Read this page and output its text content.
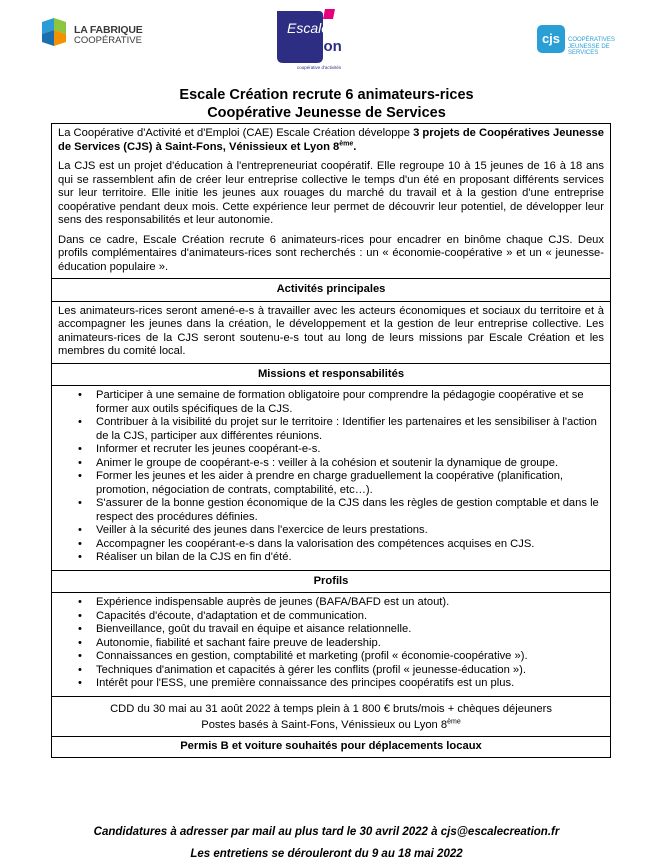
LA FABRIQUE
COOPÉRATIVE
Escale
Création
coopérative d'activités
cjs	COOPÉRATIVES
JEUNESSE DE
SERVICES
Escale Création recrute 6 animateurs-rices
Coopérative Jeunesse de Services

La Coopérative d'Activité et d'Emploi (CAE) Escale Création développe 3 projets de Coopératives Jeunesse de Services (CJS) à Saint-Fons, Vénissieux et Lyon 8ème.

La CJS est un projet d'éducation à l'entrepreneuriat coopératif. Elle regroupe 10 à 15 jeunes de 16 à 18 ans qui se rassemblent afin de créer leur entreprise collective le temps d'un été en proposant différents services sur leur territoire. Elle initie les jeunes aux rouages du marché du travail et à la gestion d'une entreprise coopérative pendant deux mois. Cette expérience leur permet de découvrir leur potentiel, de développer leur sens des responsabilités et leur autonomie.

Dans ce cadre, Escale Création recrute 6 animateurs-rices pour encadrer en binôme chaque CJS. Deux profils complémentaires d'animateurs-rices sont recherchés : un « économie-coopérative » et un « jeunesse-éducation populaire ».

Activités principales

Les animateurs-rices seront amené-e-s à travailler avec les acteurs économiques et sociaux du territoire et à accompagner les jeunes dans la création, le développement et la gestion de leur entreprise collective. Les animateurs-rices de la CJS seront soutenu-e-s tout au long de leurs missions par Escale Création et les membres du comité local.

Missions et responsabilités
• Participer à une semaine de formation obligatoire pour comprendre la pédagogie coopérative et se former aux outils spécifiques de la CJS.
• Contribuer à la visibilité du projet sur le territoire : Identifier les partenaires et les sensibiliser à l'action de la CJS, participer aux différentes réunions.
• Informer et recruter les jeunes coopérant-e-s.
• Animer le groupe de coopérant-e-s : veiller à la cohésion et soutenir la dynamique de groupe.
• Former les jeunes et les aider à prendre en charge graduellement la coopérative (planification, promotion, négociation de contrats, comptabilité, etc…).
• S'assurer de la bonne gestion économique de la CJS dans les règles de gestion comptable et dans le respect des procédures définies.
• Veiller à la sécurité des jeunes dans l'exercice de leurs prestations.
• Accompagner les coopérant-e-s dans la valorisation des compétences acquises en CJS.
• Réaliser un bilan de la CJS en fin d'été.
Profils
• Expérience indispensable auprès de jeunes (BAFA/BAFD est un atout).
• Capacités d'écoute, d'adaptation et de communication.
• Bienveillance, goût du travail en équipe et aisance relationnelle.
• Autonomie, fiabilité et sachant faire preuve de leadership.
• Connaissances en gestion, comptabilité et marketing (profil « économie-coopérative »).
• Techniques d'animation et capacités à gérer les conflits (profil « jeunesse-éducation »).
• Intérêt pour l'ESS, une première connaissance des principes coopératifs est un plus.
CDD du 30 mai au 31 août 2022 à temps plein à 1 800 € bruts/mois + chèques déjeuners
Postes basés à Saint-Fons, Vénissieux ou Lyon 8ème
Permis B et voiture souhaités pour déplacements locaux
Candidatures à adresser par mail au plus tard le 30 avril 2022 à cjs@escalecreation.fr
Les entretiens se dérouleront du 9 au 18 mai 2022
